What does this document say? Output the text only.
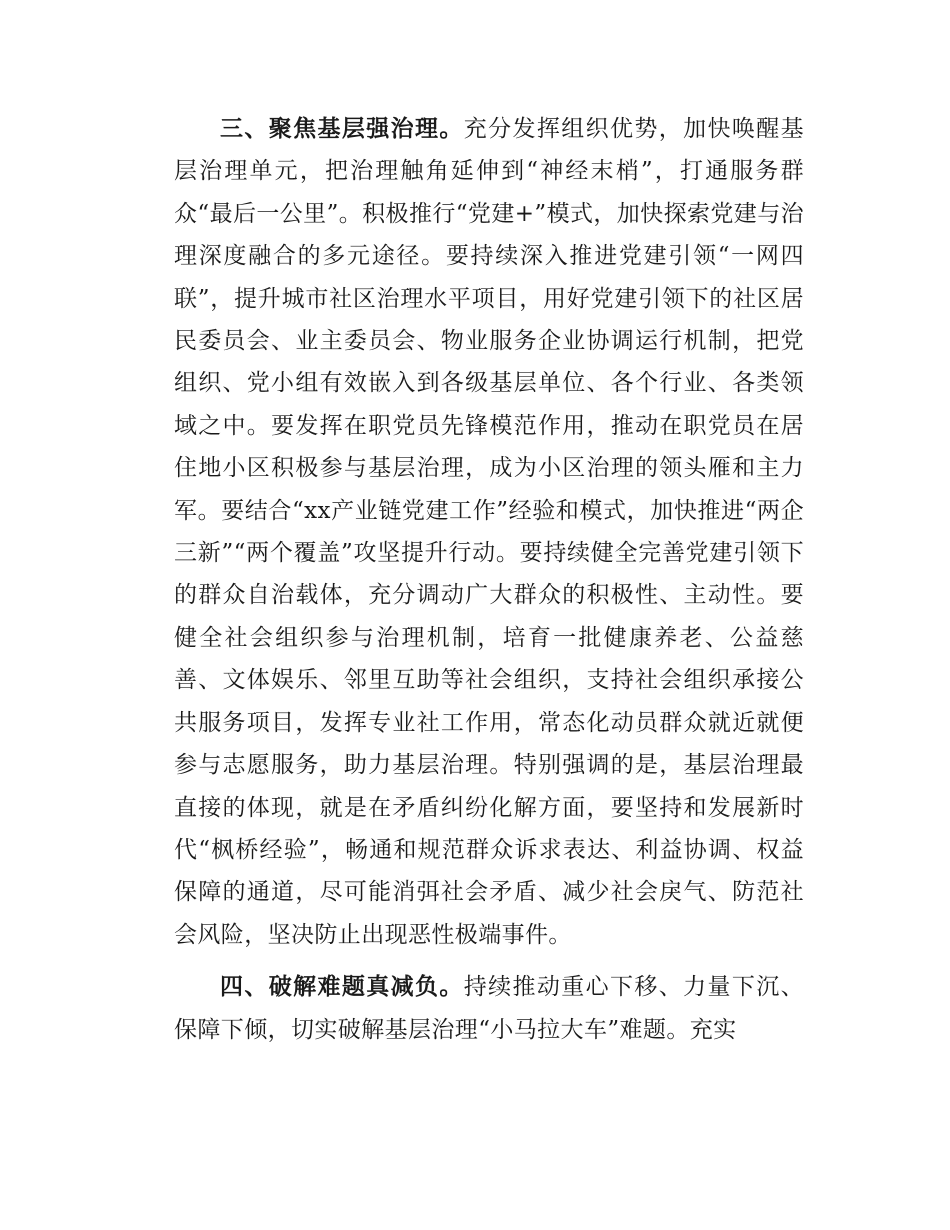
三、聚焦基层强治理。充分发挥组织优势，加快唤醒基层治理单元，把治理触角延伸到“神经末梢”，打通服务群众“最后一公里”。积极推行“党建+”模式，加快探索党建与治理深度融合的多元途径。要持续深入推进党建引领“一网四联”，提升城市社区治理水平项目，用好党建引领下的社区居民委员会、业主委员会、物业服务企业协调运行机制，把党组织、党小组有效嵌入到各级基层单位、各个行业、各类领域之中。要发挥在职党员先锋模范作用，推动在职党员在居住地小区积极参与基层治理，成为小区治理的领头雁和主力军。要结合“xx产业链党建工作”经验和模式，加快推进“两企三新”“两个覆盖”攻坚提升行动。要持续健全完善党建引领下的群众自治载体，充分调动广大群众的积极性、主动性。要健全社会组织参与治理机制，培育一批健康养老、公益慈善、文体娱乐、邻里互助等社会组织，支持社会组织承接公共服务项目，发挥专业社工作用，常态化动员群众就近就便参与志愿服务，助力基层治理。特别强调的是，基层治理最直接的体现，就是在矛盾纠纷化解方面，要坚持和发展新时代“枫桥经验”，畅通和规范群众诉求表达、利益协调、权益保障的通道，尽可能消弭社会矛盾、减少社会戾气、防范社会风险，坚决防止出现恶性极端事件。

四、破解难题真减负。持续推动重心下移、力量下沉、保障下倾，切实破解基层治理“小马拉大车”难题。充实
